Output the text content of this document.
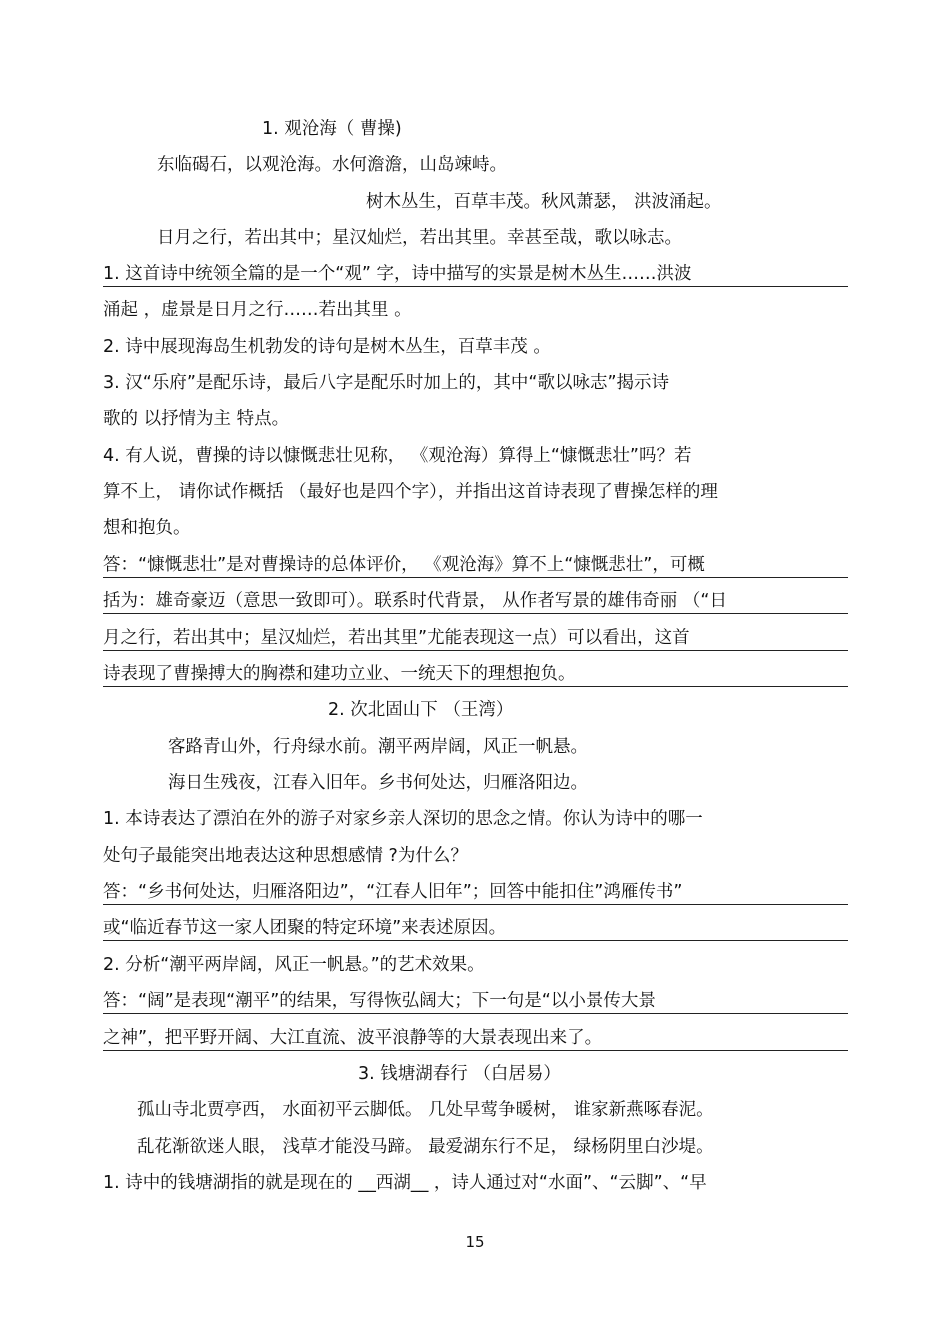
1. 观沧海（ 曹操)
东临碣石，以观沧海。水何澹澹，山岛竦峙。
树木丛生，百草丰茂。秋风萧瑟， 洪波涌起。
日月之行，若出其中；星汉灿烂，若出其里。幸甚至哉，歌以咏志。
1. 这首诗中统领全篇的是一个“观” 字，诗中描写的实景是树木丛生……洪波
涌起 ，虚景是日月之行……若出其里 。
2. 诗中展现海岛生机勃发的诗句是树木丛生，百草丰茂 。
3. 汉“乐府”是配乐诗，最后八字是配乐时加上的，其中“歌以咏志”揭示诗
歌的 以抒情为主 特点。
4. 有人说，曹操的诗以慷慨悲壮见称， 《观沧海）算得上“慷慨悲壮”吗？若
算不上， 请你试作概括 （最好也是四个字），并指出这首诗表现了曹操怎样的理
想和抱负。
答：“慷慨悲壮”是对曹操诗的总体评价， 《观沧海》算不上“慷慨悲壮”，可概
括为：雄奇豪迈（意思一致即可）。联系时代背景， 从作者写景的雄伟奇丽 （“日
月之行，若出其中；星汉灿烂，若出其里”尤能表现这一点）可以看出，这首
诗表现了曹操搏大的胸襟和建功立业、一统天下的理想抱负。
2. 次北固山下 （王湾）
客路青山外，行舟绿水前。潮平两岸阔，风正一帆悬。
海日生残夜，江春入旧年。乡书何处达，归雁洛阳边。
1. 本诗表达了漂泊在外的游子对家乡亲人深切的思念之情。你认为诗中的哪一
处句子最能突出地表达这种思想感情 ?为什么？
答：“乡书何处达，归雁洛阳边”，“江春人旧年”；回答中能扣住”鸿雁传书”
或“临近春节这一家人团聚的特定环境”来表述原因。
2. 分析“潮平两岸阔，风正一帆悬。”的艺术效果。
答：“阔”是表现“潮平”的结果，写得恢弘阔大；下一句是“以小景传大景
之神”，把平野开阔、大江直流、波平浪静等的大景表现出来了。
3. 钱塘湖春行 （白居易）
孤山寺北贾亭西， 水面初平云脚低。 几处早莺争暖树， 谁家新燕啄春泥。
乱花渐欲迷人眼， 浅草才能没马蹄。 最爱湖东行不足， 绿杨阴里白沙堤。
1. 诗中的钱塘湖指的就是现在的 __西湖__ ，诗人通过对“水面”、“云脚”、“早
15
